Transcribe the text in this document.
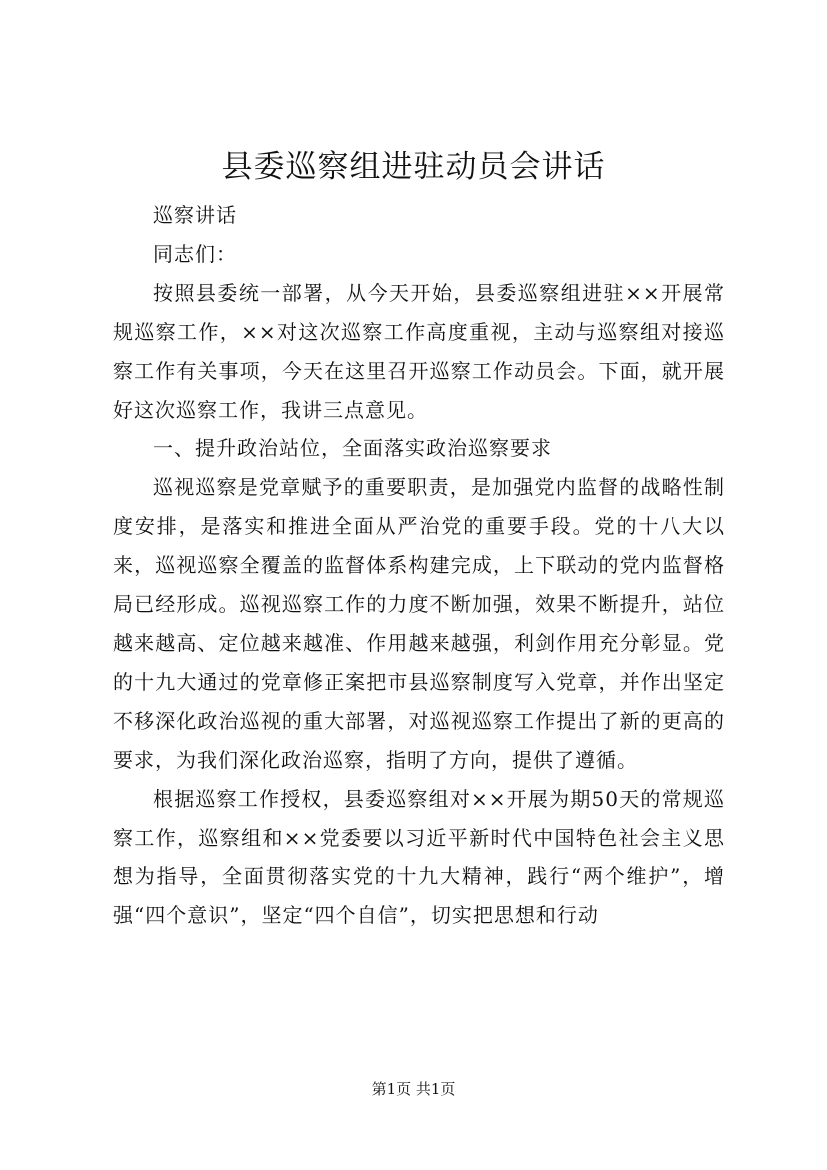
县委巡察组进驻动员会讲话

巡察讲话

同志们：

按照县委统一部署，从今天开始，县委巡察组进驻××开展常规巡察工作，××对这次巡察工作高度重视，主动与巡察组对接巡察工作有关事项，今天在这里召开巡察工作动员会。下面，就开展好这次巡察工作，我讲三点意见。

一、提升政治站位，全面落实政治巡察要求

巡视巡察是党章赋予的重要职责，是加强党内监督的战略性制度安排，是落实和推进全面从严治党的重要手段。党的十八大以来，巡视巡察全覆盖的监督体系构建完成，上下联动的党内监督格局已经形成。巡视巡察工作的力度不断加强，效果不断提升，站位越来越高、定位越来越准、作用越来越强，利剑作用充分彰显。党的十九大通过的党章修正案把市县巡察制度写入党章，并作出坚定不移深化政治巡视的重大部署，对巡视巡察工作提出了新的更高的要求，为我们深化政治巡察，指明了方向，提供了遵循。

根据巡察工作授权，县委巡察组对××开展为期50天的常规巡察工作，巡察组和××党委要以习近平新时代中国特色社会主义思想为指导，全面贯彻落实党的十九大精神，践行“两个维护”，增强“四个意识”，坚定“四个自信”，切实把思想和行动

第1页 共1页
